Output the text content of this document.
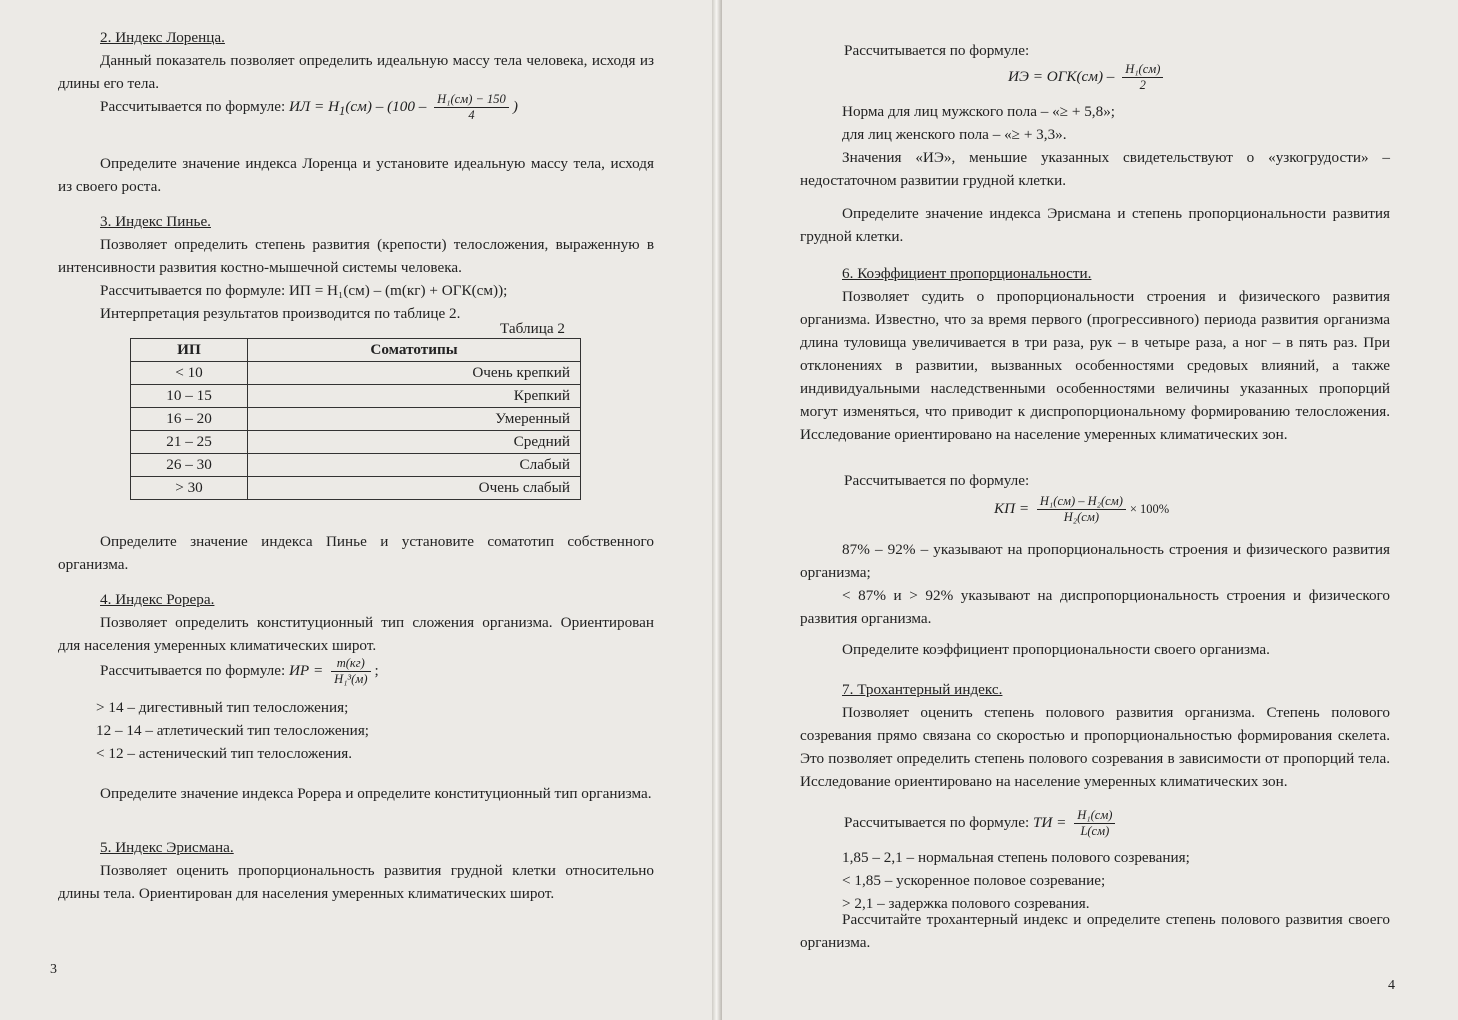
2. Индекс Лоренца.

Данный показатель позволяет определить идеальную массу тела человека, исходя из длины его тела.

Рассчитывается по формуле: ИЛ = $H_1(см) - (100 - \frac{\text{H₁(см) − 150}}{4}$ )

Определите значение индекса Лоренца и установите идеальную массу тела, исходя из своего роста.

3. Индекс Пинье.

Позволяет определить степень развития (крепости) телосложения, выраженную в интенсивности развития костно-мышечной системы человека.

Рассчитывается по формуле: ИП = H₁(см) – (m(кг) + ОГК(см));

Интерпретация результатов производится по таблице 2.

Таблица 2
ИП	Соматотипы
< 10	Очень крепкий
10 – 15	Крепкий
16 – 20	Умеренный
21 – 25	Средний
26 – 30	Слабый
> 30	Очень слабый

Определите значение индекса Пинье и установите соматотип собственного организма.

4. Индекс Рорера.

Позволяет определить конституционный тип сложения организма. Ориентирован для населения умеренных климатических широт.

Рассчитывается по формуле: ИР = $\frac{m(кг)}{\text{H₁³(м)}}$ ;

> 14 – дигестивный тип телосложения;

12 – 14 – атлетический тип телосложения;

< 12 – астенический тип телосложения.

Определите значение индекса Рорера и определите конституционный тип организма.

5. Индекс Эрисмана.

Позволяет оценить пропорциональность развития грудной клетки относительно длины тела. Ориентирован для населения умеренных климатических широт.

3
Рассчитывается по формуле:
ИЭ = $ОГК(см) - \frac{\text{H₁(см)}}{2}$

Норма для лиц мужского пола – «≥ + 5,8»;

для лиц женского пола – «≥ + 3,3».

Значения «ИЭ», меньшие указанных свидетельствуют о «узкогрудости» – недостаточном развитии грудной клетки.

Определите значение индекса Эрисмана и степень пропорциональности развития грудной клетки.

6. Коэффициент пропорциональности.

Позволяет судить о пропорциональности строения и физического развития организма. Известно, что за время первого (прогрессивного) периода развития организма длина туловища увеличивается в три раза, рук – в четыре раза, а ног – в пять раз. При отклонениях в развитии, вызванных особенностями средовых влияний, а также индивидуальными наследственными особенностями величины указанных пропорций могут изменяться, что приводит к диспропорциональному формированию телосложения. Исследование ориентировано на население умеренных климатических зон.

Рассчитывается по формуле:
КП = $\frac{\text{H₁(см) – H₂(см)}}{\text{H₂(см)}} \times 100\%$

87% – 92% – указывают на пропорциональность строения и физического развития организма;

< 87% и > 92% указывают на диспропорциональность строения и физического развития организма.

Определите коэффициент пропорциональности своего организма.

7. Трохантерный индекс.

Позволяет оценить степень полового развития организма. Степень полового созревания прямо связана со скоростью и пропорциональностью формирования скелета. Это позволяет определить степень полового созревания в зависимости от пропорций тела. Исследование ориентировано на население умеренных климатических зон.

Рассчитывается по формуле: ТИ = $\frac{\text{H₁(см)}}{L(см)}$

1,85 – 2,1 – нормальная степень полового созревания;

< 1,85 – ускоренное половое созревание;

> 2,1 – задержка полового созревания.

Рассчитайте трохантерный индекс и определите степень полового развития своего организма.

4
